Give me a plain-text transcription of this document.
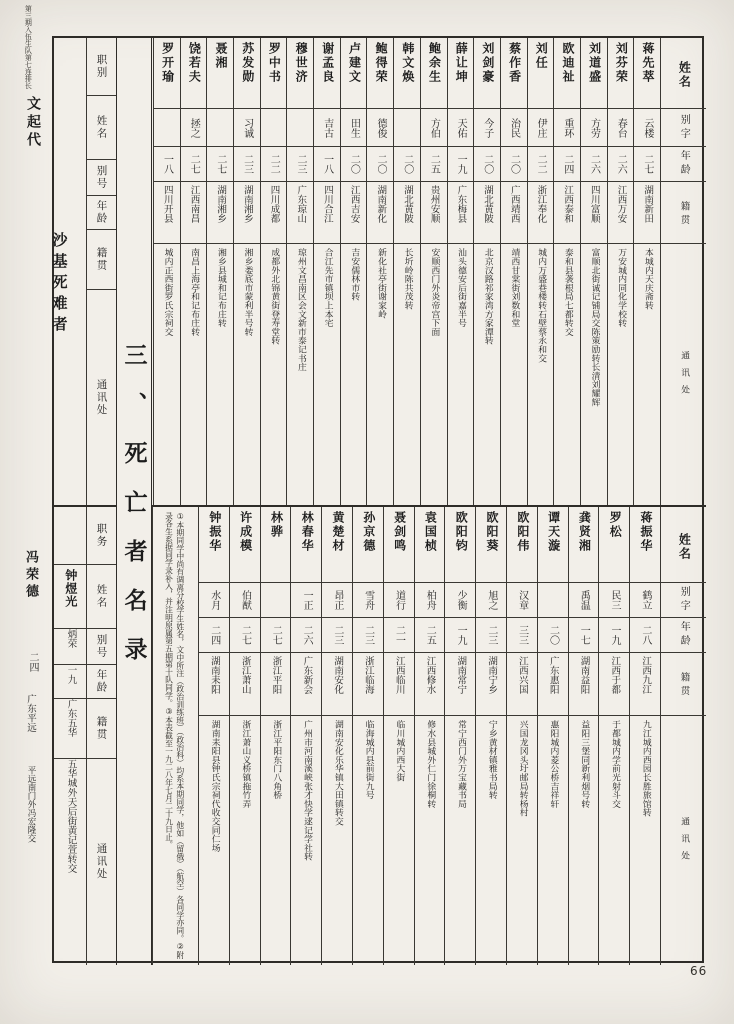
第三期入伍生队第七连排长
文起代
冯荣德
二四
广东平远
平远南门外冯宏隆交
职别
姓名
别号
年龄
籍贯
通讯处
沙基死难者
职务
姓名
别号
年龄
籍贯
通讯处
钟煜光
炳荣
一九
广东五华
五华城外天后街黄记萱转交
三、死亡者名录
姓名
别字
年龄
籍贯
通讯处
蒋先萃
云楼
二七
湖南新田
本城内天庆斋转
刘芬荣
春台
二六
江西万安
万安城内同化学校转
刘道盛
方劳
二六
四川富顺
富顺北街诚记铺局交陈策励转长清刘耀辉
欧迪祉
重环
二四
江西泰和
泰和县袭根局七都转交
刘任
伊庄
二二
浙江奉化
城内万盛巷楼转石壁蔡永和交
蔡作香
治民
二〇
广西靖西
靖西甘棠街刘数和堂
刘剑豪
今子
二〇
湖北黄陂
北京汉路祁家湾方家潭转
薛让坤
天佑
一九
广东梅县
汕头德安后街嘉半号
鲍余生
方伯
二五
贵州安顺
安顺西门外炎帝宫下面
韩文焕
二〇
湖北黄陂
长圻岭陈共茂转
鲍得荣
德俊
二〇
湖南新化
新化社亭街谢家岭
卢建文
田生
二〇
江西吉安
吉安儒林市转
谢孟良
吉古
一八
四川合江
合江先市镇坝上本宅
穆世济
二三
广东琼山
琼州文昌南区会文新市泰记书庄
罗中书
二二
四川成都
成都外北锦黄街登寿堂转
苏发勋
习诚
二三
湖南湘乡
湘乡娄底市蒙利半号转
聂湘
二七
湖南湘乡
湘乡县城和记布庄转
饶若夫
拯之
二七
江西南昌
南昌上海亭和记布庄转
罗开瑜
一八
四川开县
城内正西街罗氏宗祠交
姓名
别字
年龄
籍贯
通讯处
蒋振华
鹤立
二八
江西九江
九江城内西园长胜旅馆转
罗松
民三
一九
江西于都
于都城内学前光射斗交
龚贤湘
禹温
一七
湖南益阳
益阳三堡同新利烟号转
谭天漩
二〇
广东惠阳
惠阳城内菱公桥吉祥轩
欧阳伟
汉章
三三
江西兴国
兴国龙冈头圩邮局转杨村
欧阳葵
旭之
二三
湖南宁乡
宁乡黄材镇雅书局转
欧阳钧
少衡
一九
湖南常宁
常宁西门外万宝藏书局
袁国桢
柏舟
二五
江西修水
修水县城外仁门徐桐转
聂剑鸣
道行
二一
江西临川
临川城内西大街
孙京德
雪舟
二三
浙江临海
临海城内县前街九号
黄楚材
昂正
二三
湖南安化
湖南安化乐华镇大田镇转交
林春华
一正
二六
广东新会
广州市河南溪峡张才快学逑记学社转
林骅
二七
浙江平阳
浙江平阳东门八角桥
许成模
伯猷
二七
浙江萧山
浙江萧山义桥镇拖竹弄
钟振华
水月
二四
湖南耒阳
湖南耒阳县钟氏宗祠代收交同仁场
①本期同学中尚有调离分校学生姓名，文中所注（政治训练班）（政治科）均系本期同学，他如（留俄）（航空）各同学亦同。②附录各生系据同学录补入，并注明原属第五期第十队同学。③本表截至一九二八年七月二十九日止。
66
